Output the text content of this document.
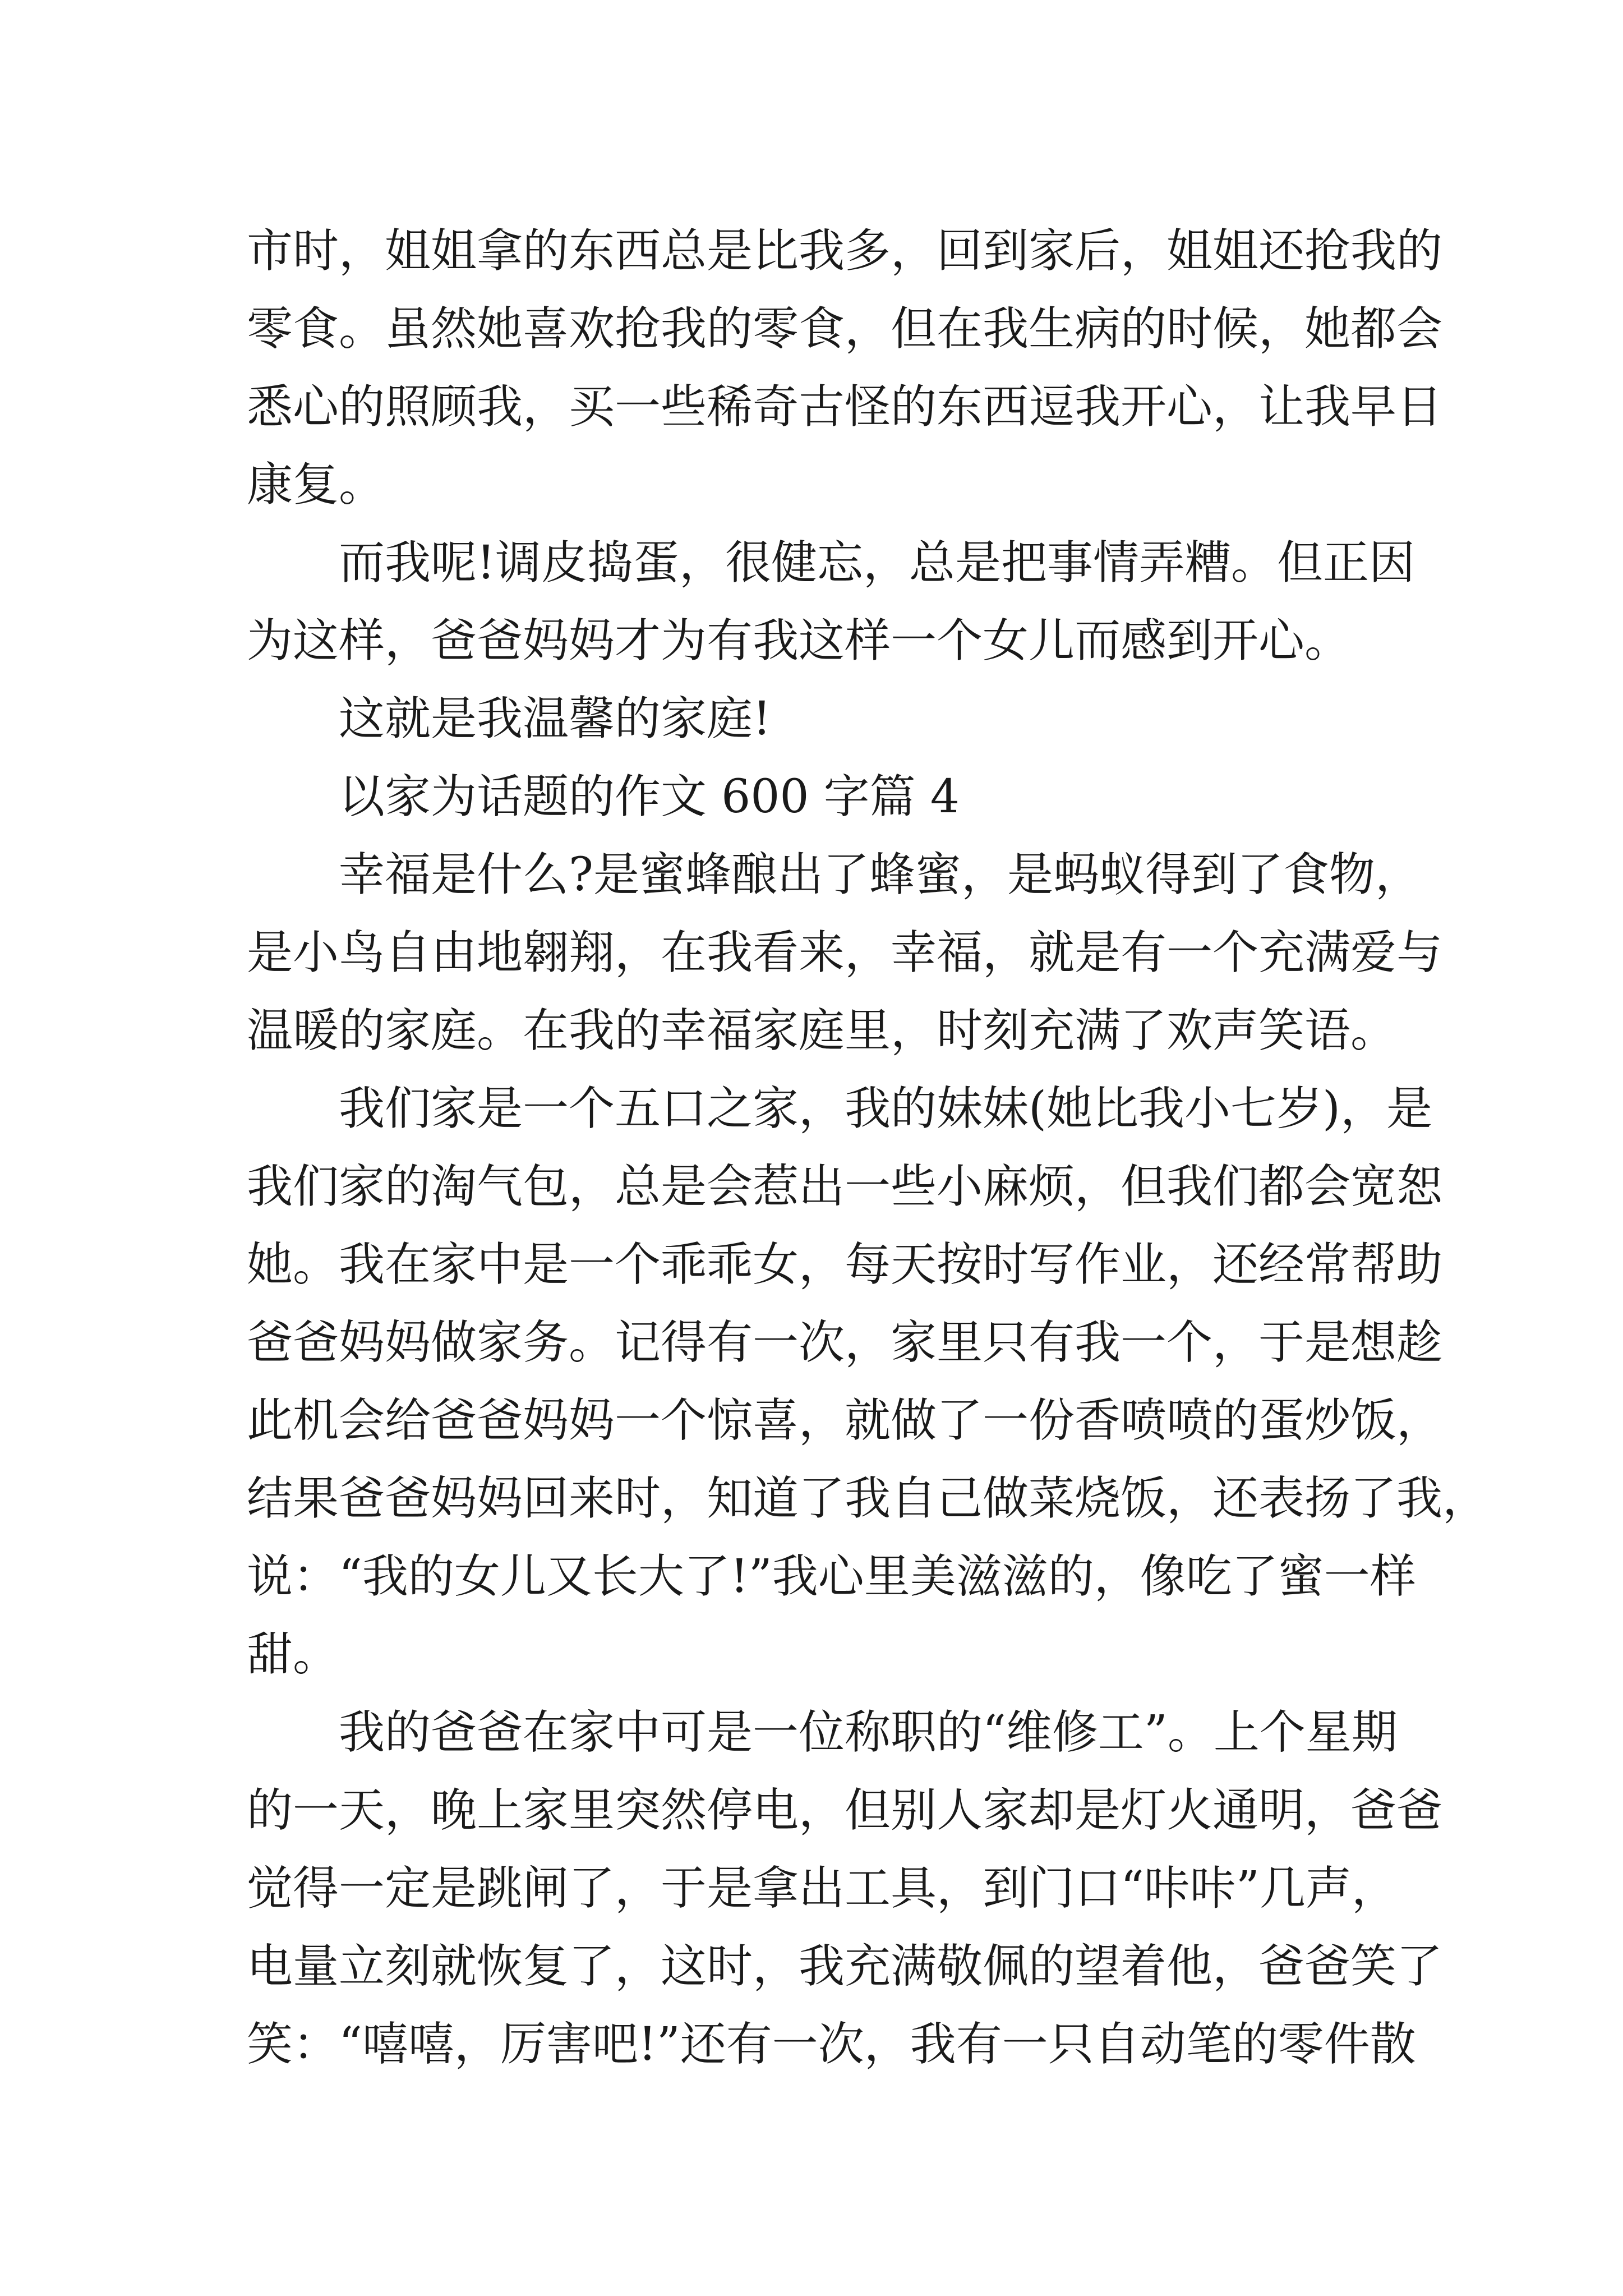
市时，姐姐拿的东西总是比我多，回到家后，姐姐还抢我的
零食。虽然她喜欢抢我的零食，但在我生病的时候，她都会
悉心的照顾我，买一些稀奇古怪的东西逗我开心，让我早日
康复。
而我呢!调皮捣蛋，很健忘，总是把事情弄糟。但正因
为这样，爸爸妈妈才为有我这样一个女儿而感到开心。
这就是我温馨的家庭!
以家为话题的作文 600 字篇 4
幸福是什么?是蜜蜂酿出了蜂蜜，是蚂蚁得到了食物，
是小鸟自由地翱翔，在我看来，幸福，就是有一个充满爱与
温暖的家庭。在我的幸福家庭里，时刻充满了欢声笑语。
我们家是一个五口之家，我的妹妹(她比我小七岁)，是
我们家的淘气包，总是会惹出一些小麻烦，但我们都会宽恕
她。我在家中是一个乖乖女，每天按时写作业，还经常帮助
爸爸妈妈做家务。记得有一次，家里只有我一个，于是想趁
此机会给爸爸妈妈一个惊喜，就做了一份香喷喷的蛋炒饭，
结果爸爸妈妈回来时，知道了我自己做菜烧饭，还表扬了我，
说：“我的女儿又长大了!”我心里美滋滋的，像吃了蜜一样
甜。
我的爸爸在家中可是一位称职的“维修工”。上个星期
的一天，晚上家里突然停电，但别人家却是灯火通明，爸爸
觉得一定是跳闸了，于是拿出工具，到门口“咔咔”几声，
电量立刻就恢复了，这时，我充满敬佩的望着他，爸爸笑了
笑：“嘻嘻，厉害吧!”还有一次，我有一只自动笔的零件散
